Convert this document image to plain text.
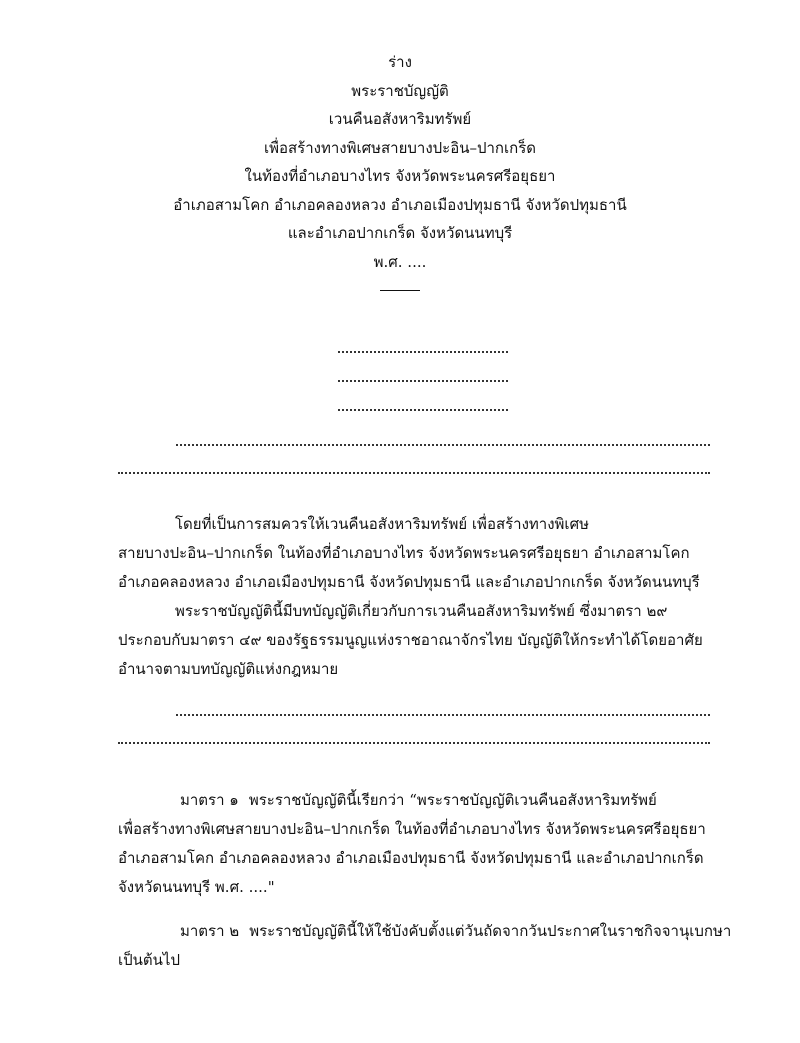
ร่าง
พระราชบัญญัติ
เวนคืนอสังหาริมทรัพย์
เพื่อสร้างทางพิเศษสายบางปะอิน–ปากเกร็ด
ในท้องที่อำเภอบางไทร จังหวัดพระนครศรีอยุธยา
อำเภอสามโคก อำเภอคลองหลวง อำเภอเมืองปทุมธานี จังหวัดปทุมธานี
และอำเภอปากเกร็ด จังหวัดนนทบุรี
พ.ศ. ....
โดยที่เป็นการสมควรให้เวนคืนอสังหาริมทรัพย์ เพื่อสร้างทางพิเศษ
สายบางปะอิน–ปากเกร็ด ในท้องที่อำเภอบางไทร จังหวัดพระนครศรีอยุธยา อำเภอสามโคก
อำเภอคลองหลวง อำเภอเมืองปทุมธานี จังหวัดปทุมธานี และอำเภอปากเกร็ด จังหวัดนนทบุรี
พระราชบัญญัตินี้มีบทบัญญัติเกี่ยวกับการเวนคืนอสังหาริมทรัพย์ ซึ่งมาตรา ๒๙
ประกอบกับมาตรา ๔๙ ของรัฐธรรมนูญแห่งราชอาณาจักรไทย บัญญัติให้กระทำได้โดยอาศัย
อำนาจตามบทบัญญัติแห่งกฎหมาย
มาตรา ๑ พระราชบัญญัตินี้เรียกว่า “พระราชบัญญัติเวนคืนอสังหาริมทรัพย์
เพื่อสร้างทางพิเศษสายบางปะอิน–ปากเกร็ด ในท้องที่อำเภอบางไทร จังหวัดพระนครศรีอยุธยา
อำเภอสามโคก อำเภอคลองหลวง อำเภอเมืองปทุมธานี จังหวัดปทุมธานี และอำเภอปากเกร็ด
จังหวัดนนทบุรี พ.ศ. ...."
มาตรา ๒ พระราชบัญญัตินี้ให้ใช้บังคับตั้งแต่วันถัดจากวันประกาศในราชกิจจานุเบกษา
เป็นต้นไป
